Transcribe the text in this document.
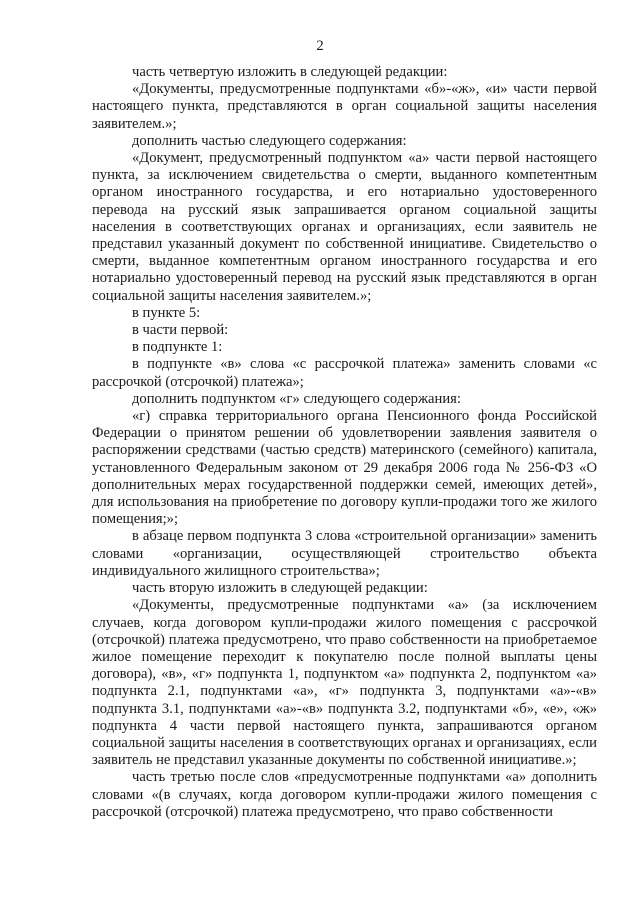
2

часть четвертую изложить в следующей редакции:

«Документы, предусмотренные подпунктами «б»-«ж», «и» части первой настоящего пункта, представляются в орган социальной защиты населения заявителем.»;

дополнить частью следующего содержания:

«Документ, предусмотренный подпунктом «а» части первой настоящего пункта, за исключением свидетельства о смерти, выданного компетентным органом иностранного государства, и его нотариально удостоверенного перевода на русский язык запрашивается органом социальной защиты населения в соответствующих органах и организациях, если заявитель не представил указанный документ по собственной инициативе. Свидетельство о смерти, выданное компетентным органом иностранного государства и его нотариально удостоверенный перевод на русский язык представляются в орган социальной защиты населения заявителем.»;

в пункте 5:

в части первой:

в подпункте 1:

в подпункте «в» слова «с рассрочкой платежа» заменить словами «с рассрочкой (отсрочкой) платежа»;

дополнить подпунктом «г» следующего содержания:

«г) справка территориального органа Пенсионного фонда Российской Федерации о принятом решении об удовлетворении заявления заявителя о распоряжении средствами (частью средств) материнского (семейного) капитала, установленного Федеральным законом от 29 декабря 2006 года № 256-ФЗ «О дополнительных мерах государственной поддержки семей, имеющих детей», для использования на приобретение по договору купли-продажи того же жилого помещения;»;

в абзаце первом подпункта 3 слова «строительной организации» заменить словами «организации, осуществляющей строительство объекта индивидуального жилищного строительства»;

часть вторую изложить в следующей редакции:

«Документы, предусмотренные подпунктами «а» (за исключением случаев, когда договором купли-продажи жилого помещения с рассрочкой (отсрочкой) платежа предусмотрено, что право собственности на приобретаемое жилое помещение переходит к покупателю после полной выплаты цены договора), «в», «г» подпункта 1, подпунктом «а» подпункта 2, подпунктом «а» подпункта 2.1, подпунктами «а», «г» подпункта 3, подпунктами «а»-«в» подпункта 3.1, подпунктами «а»-«в» подпункта 3.2, подпунктами «б», «е», «ж» подпункта 4 части первой настоящего пункта, запрашиваются органом социальной защиты населения в соответствующих органах и организациях, если заявитель не представил указанные документы по собственной инициативе.»;

часть третью после слов «предусмотренные подпунктами «а» дополнить словами «(в случаях, когда договором купли-продажи жилого помещения с рассрочкой (отсрочкой) платежа предусмотрено, что право собственности
